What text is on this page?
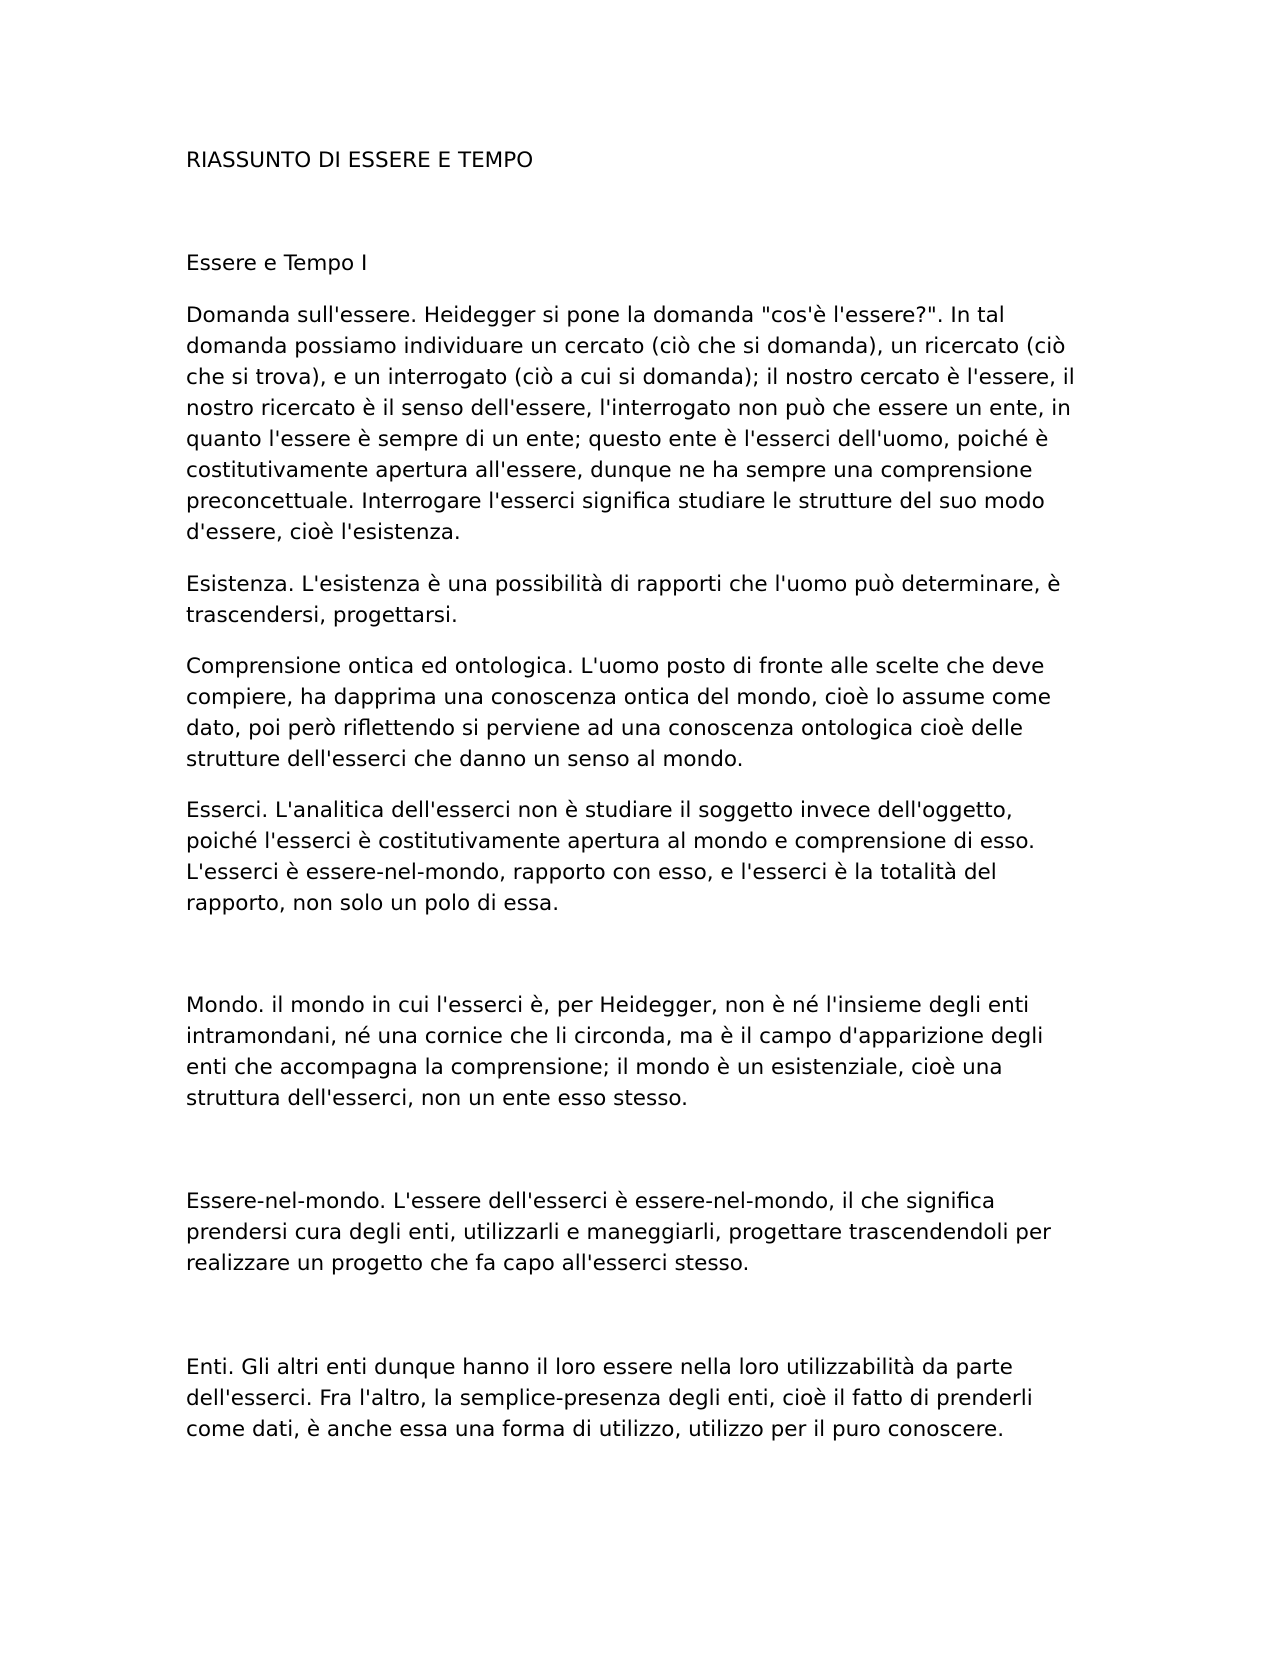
RIASSUNTO DI ESSERE E TEMPO

Essere e Tempo I

Domanda sull'essere. Heidegger si pone la domanda "cos'è l'essere?". In tal domanda possiamo individuare un cercato (ciò che si domanda), un ricercato (ciò che si trova), e un interrogato (ciò a cui si domanda); il nostro cercato è l'essere, il nostro ricercato è il senso dell'essere, l'interrogato non può che essere un ente, in quanto l'essere è sempre di un ente; questo ente è l'esserci dell'uomo, poiché è costitutivamente apertura all'essere, dunque ne ha sempre una comprensione preconcettuale. Interrogare l'esserci significa studiare le strutture del suo modo d'essere, cioè l'esistenza.

Esistenza. L'esistenza è una possibilità di rapporti che l'uomo può determinare, è trascendersi, progettarsi.

Comprensione ontica ed ontologica. L'uomo posto di fronte alle scelte che deve compiere, ha dapprima una conoscenza ontica del mondo, cioè lo assume come dato, poi però riflettendo si perviene ad una conoscenza ontologica cioè delle strutture dell'esserci che danno un senso al mondo.

Esserci. L'analitica dell'esserci non è studiare il soggetto invece dell'oggetto, poiché l'esserci è costitutivamente apertura al mondo e comprensione di esso. L'esserci è essere-nel-mondo, rapporto con esso, e l'esserci è la totalità del rapporto, non solo un polo di essa.

Mondo. il mondo in cui l'esserci è, per Heidegger, non è né l'insieme degli enti intramondani, né una cornice che li circonda, ma è il campo d'apparizione degli enti che accompagna la comprensione; il mondo è un esistenziale, cioè una struttura dell'esserci, non un ente esso stesso.

Essere-nel-mondo. L'essere dell'esserci è essere-nel-mondo, il che significa prendersi cura degli enti, utilizzarli e maneggiarli, progettare trascendendoli per realizzare un progetto che fa capo all'esserci stesso.

Enti. Gli altri enti dunque hanno il loro essere nella loro utilizzabilità da parte dell'esserci. Fra l'altro, la semplice-presenza degli enti, cioè il fatto di prenderli come dati, è anche essa una forma di utilizzo, utilizzo per il puro conoscere.
